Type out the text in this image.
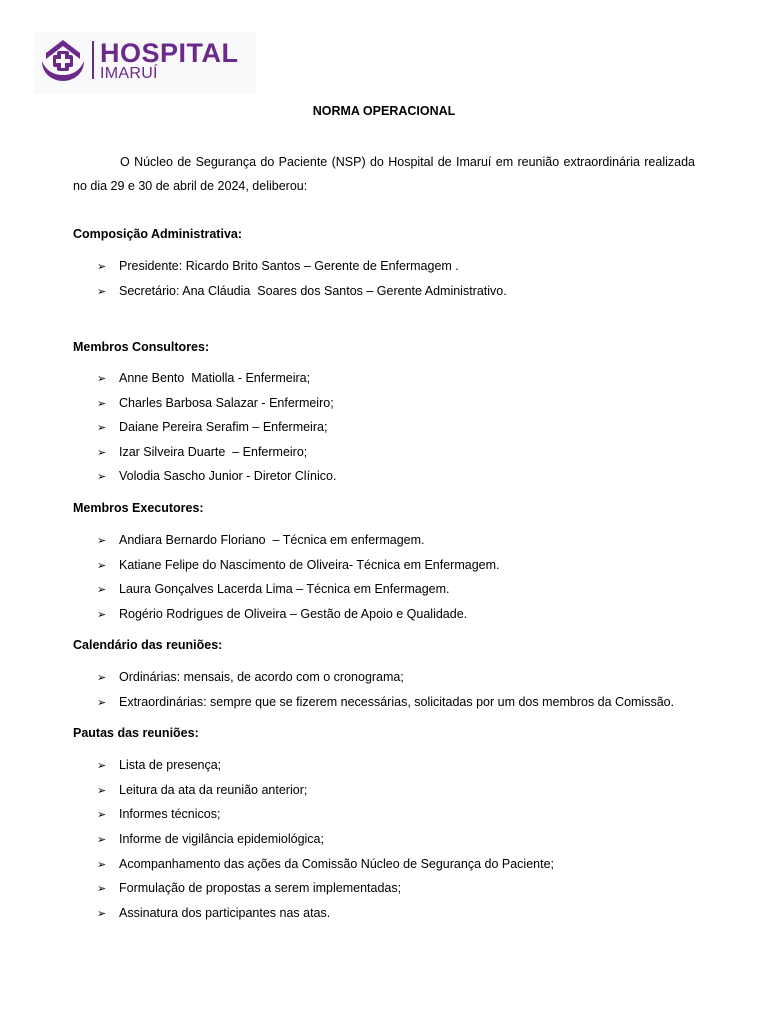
HOSPITAL
IMARUÍ
NORMA OPERACIONAL
O Núcleo de Segurança do Paciente (NSP) do Hospital de Imaruí em reunião extraordinária realizada no dia 29 e 30 de abril de 2024, deliberou:
Composição Administrativa:
➢ Presidente: Ricardo Brito Santos – Gerente de Enfermagem .
➢ Secretário: Ana Cláudia  Soares dos Santos – Gerente Administrativo.
Membros Consultores:
➢ Anne Bento  Matiolla - Enfermeira;
➢ Charles Barbosa Salazar - Enfermeiro;
➢ Daiane Pereira Serafim – Enfermeira;
➢ Izar Silveira Duarte  – Enfermeiro;
➢ Volodia Sascho Junior - Diretor Clínico.
Membros Executores:
➢ Andiara Bernardo Floriano  – Técnica em enfermagem.
➢ Katiane Felipe do Nascimento de Oliveira- Técnica em Enfermagem.
➢ Laura Gonçalves Lacerda Lima – Técnica em Enfermagem.
➢ Rogério Rodrigues de Oliveira – Gestão de Apoio e Qualidade.
Calendário das reuniões:
➢ Ordinárias: mensais, de acordo com o cronograma;
➢ Extraordinárias: sempre que se fizerem necessárias, solicitadas por um dos membros da Comissão.
Pautas das reuniões:
➢ Lista de presença;
➢ Leitura da ata da reunião anterior;
➢ Informes técnicos;
➢ Informe de vigilância epidemiológica;
➢ Acompanhamento das ações da Comissão Núcleo de Segurança do Paciente;
➢ Formulação de propostas a serem implementadas;
➢ Assinatura dos participantes nas atas.
